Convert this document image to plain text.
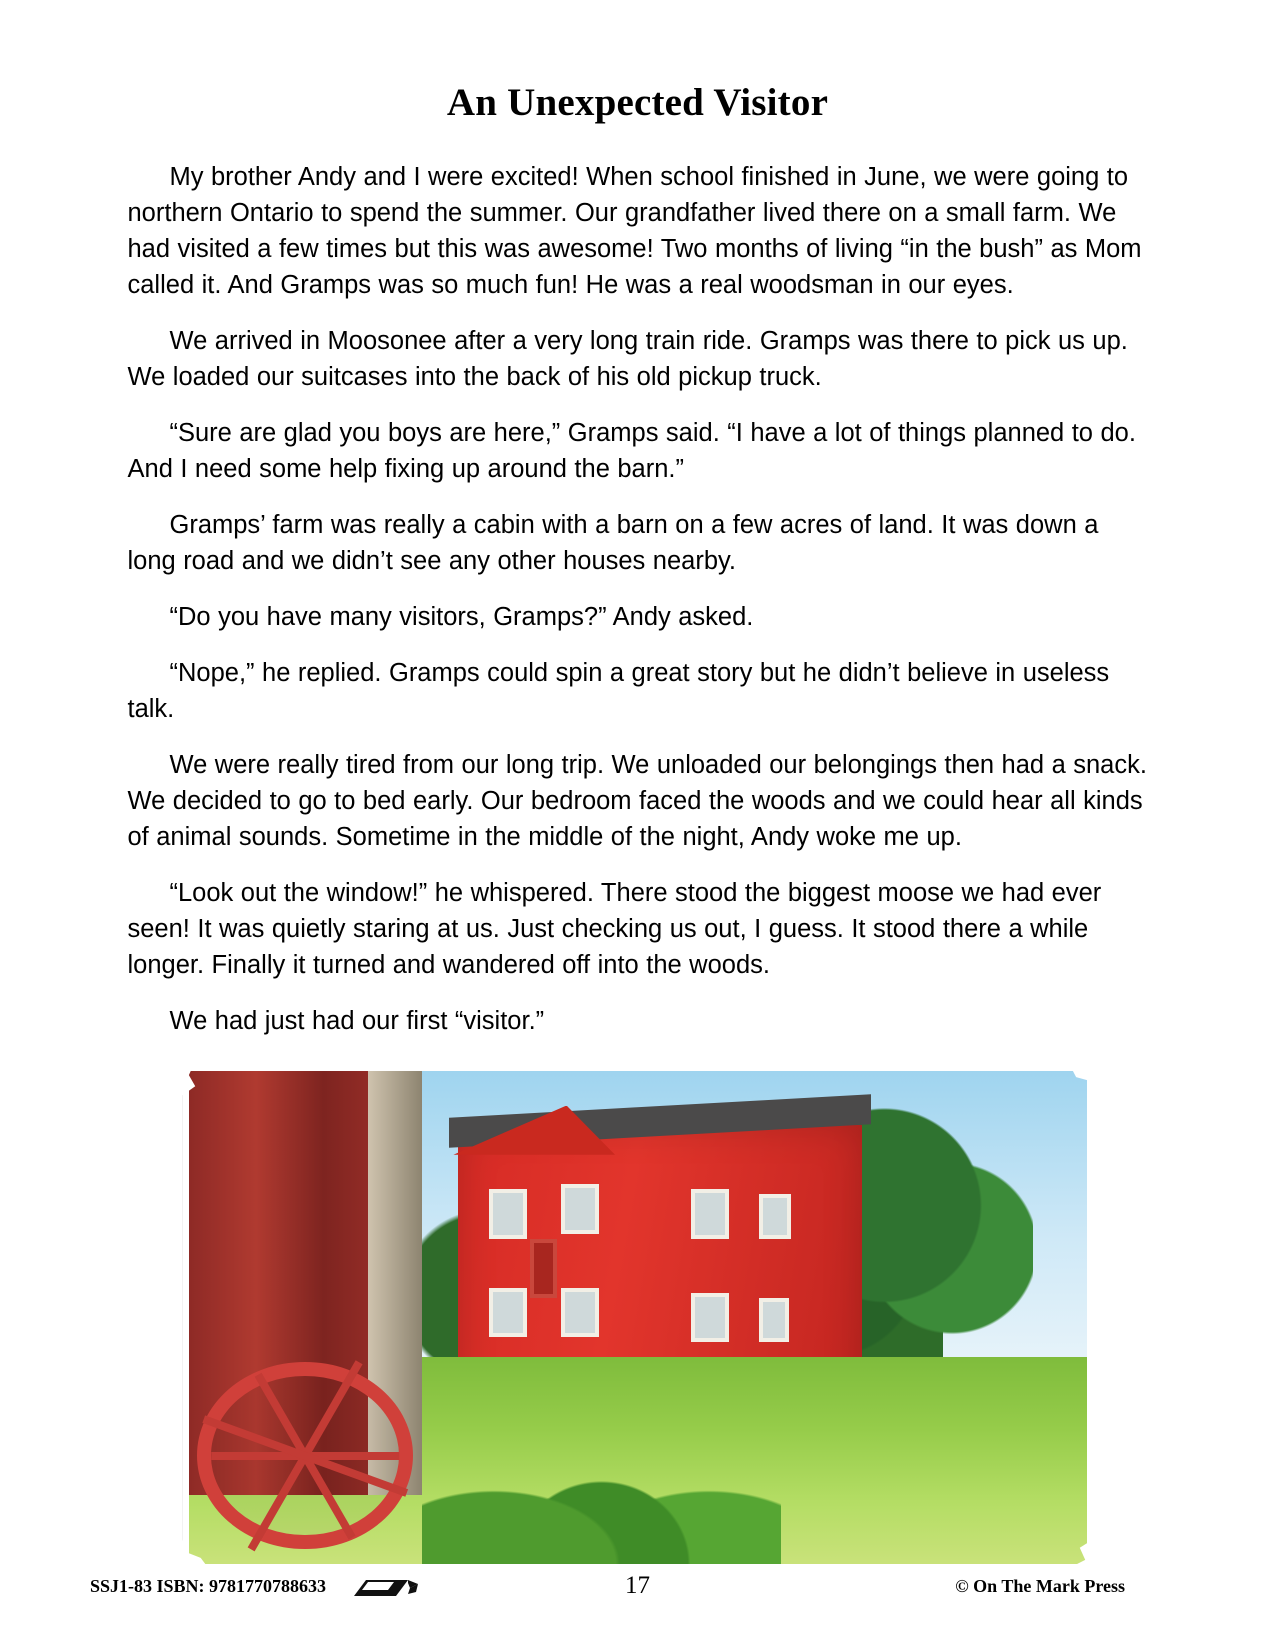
An Unexpected Visitor

My brother Andy and I were excited! When school finished in June, we were going to northern Ontario to spend the summer. Our grandfather lived there on a small farm. We had visited a few times but this was awesome! Two months of living “in the bush” as Mom called it. And Gramps was so much fun! He was a real woodsman in our eyes.

We arrived in Moosonee after a very long train ride. Gramps was there to pick us up. We loaded our suitcases into the back of his old pickup truck.

“Sure are glad you boys are here,” Gramps said. “I have a lot of things planned to do. And I need some help fixing up around the barn.”

Gramps’ farm was really a cabin with a barn on a few acres of land. It was down a long road and we didn’t see any other houses nearby.

“Do you have many visitors, Gramps?” Andy asked.

“Nope,” he replied. Gramps could spin a great story but he didn’t believe in useless talk.

We were really tired from our long trip. We unloaded our belongings then had a snack. We decided to go to bed early. Our bedroom faced the woods and we could hear all kinds of animal sounds. Sometime in the middle of the night, Andy woke me up.

“Look out the window!” he whispered. There stood the biggest moose we had ever seen! It was quietly staring at us. Just checking us out, I guess. It stood there a while longer. Finally it turned and wandered off into the woods.

We had just had our first “visitor.”

SSJ1-83 ISBN: 9781770788633	17	© On The Mark Press
